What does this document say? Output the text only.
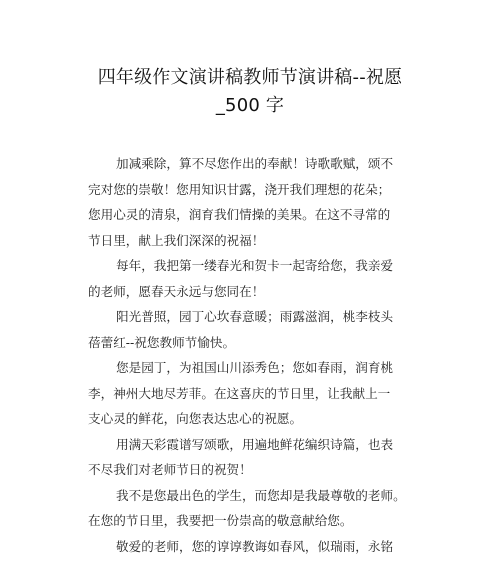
四年级作文演讲稿教师节演讲稿--祝愿
_500 字
加减乘除，算不尽您作出的奉献！诗歌歌赋，颂不
完对您的崇敬！您用知识甘露，浇开我们理想的花朵；
您用心灵的清泉，润育我们情操的美果。在这不寻常的
节日里，献上我们深深的祝福！
每年，我把第一缕春光和贺卡一起寄给您，我亲爱
的老师，愿春天永远与您同在！
阳光普照，园丁心坎春意暖；雨露滋润，桃李枝头
蓓蕾红--祝您教师节愉快。
您是园丁，为祖国山川添秀色；您如春雨，润育桃
李，神州大地尽芳菲。在这喜庆的节日里，让我献上一
支心灵的鲜花，向您表达忠心的祝愿。
用满天彩霞谱写颂歌，用遍地鲜花编织诗篇，也表
不尽我们对老师节日的祝贺！
我不是您最出色的学生，而您却是我最尊敬的老师。
在您的节日里，我要把一份崇高的敬意献给您。
敬爱的老师，您的谆谆教诲如春风，似瑞雨，永铭
